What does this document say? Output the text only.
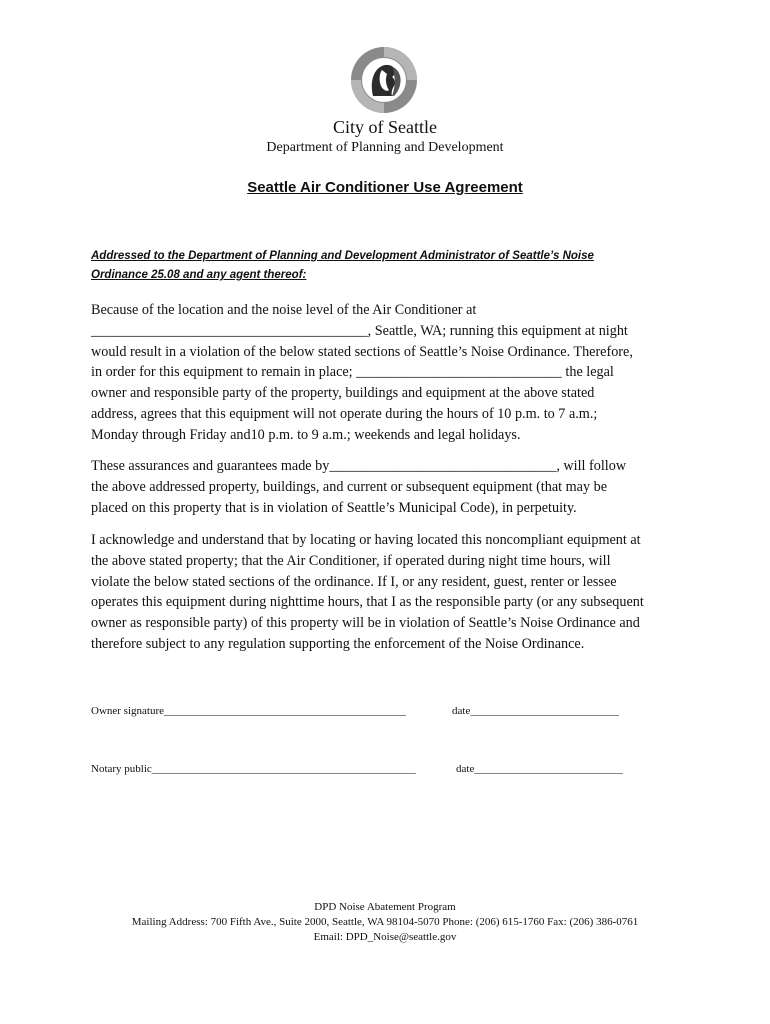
City of Seattle
Department of Planning and Development
Seattle Air Conditioner Use Agreement
Addressed to the Department of Planning and Development Administrator of Seattle’s Noise
Ordinance 25.08 and any agent thereof:
Because of the location and the noise level of the Air Conditioner at
_______________________________________, Seattle, WA; running this equipment at night
would result in a violation of the below stated sections of Seattle’s Noise Ordinance. Therefore,
in order for this equipment to remain in place; _____________________________ the legal
owner and responsible party of the property, buildings and equipment at the above stated
address, agrees that this equipment will not operate during the hours of 10 p.m. to 7 a.m.;
Monday through Friday and10 p.m. to 9 a.m.; weekends and legal holidays.
These assurances and guarantees made by________________________________, will follow
the above addressed property, buildings, and current or subsequent equipment (that may be
placed on this property that is in violation of Seattle’s Municipal Code), in perpetuity.
I acknowledge and understand that by locating or having located this noncompliant equipment at
the above stated property; that the Air Conditioner, if operated during night time hours, will
violate the below stated sections of the ordinance. If I, or any resident, guest, renter or lessee
operates this equipment during nighttime hours, that I as the responsible party (or any subsequent
owner as responsible party) of this property will be in violation of Seattle’s Noise Ordinance and
therefore subject to any regulation supporting the enforcement of the Noise Ordinance.
Owner signature____________________________________________	date___________________________
Notary public________________________________________________	date___________________________
DPD Noise Abatement Program
Mailing Address: 700 Fifth Ave., Suite 2000, Seattle, WA 98104-5070 Phone: (206) 615-1760 Fax: (206) 386-0761
Email: DPD_Noise@seattle.gov
